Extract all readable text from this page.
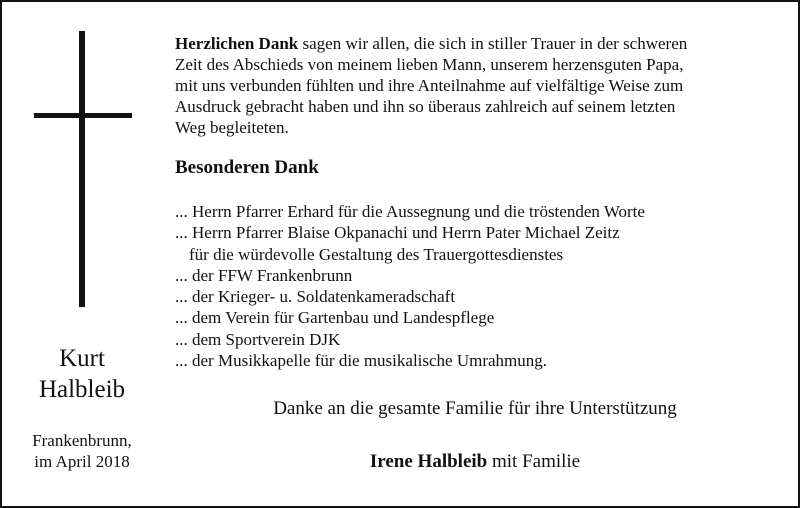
Kurt
Halbleib
Frankenbrunn,
im April 2018

Herzlichen Dank sagen wir allen, die sich in stiller Trauer in der schweren

Zeit des Abschieds von meinem lieben Mann, unserem herzensguten Papa,

mit uns verbunden fühlten und ihre Anteilnahme auf vielfältige Weise zum

Ausdruck gebracht haben und ihn so überaus zahlreich auf seinem letzten

Weg begleiteten.

Besonderen Dank
... Herrn Pfarrer Erhard für die Aussegnung und die tröstenden Worte
... Herrn Pfarrer Blaise Okpanachi und Herrn Pater Michael Zeitz
für die würdevolle Gestaltung des Trauergottesdienstes
... der FFW Frankenbrunn
... der Krieger- u. Soldatenkameradschaft
... dem Verein für Gartenbau und Landespflege
... dem Sportverein DJK
... der Musikkapelle für die musikalische Umrahmung.
Danke an die gesamte Familie für ihre Unterstützung
Irene Halbleib mit Familie
